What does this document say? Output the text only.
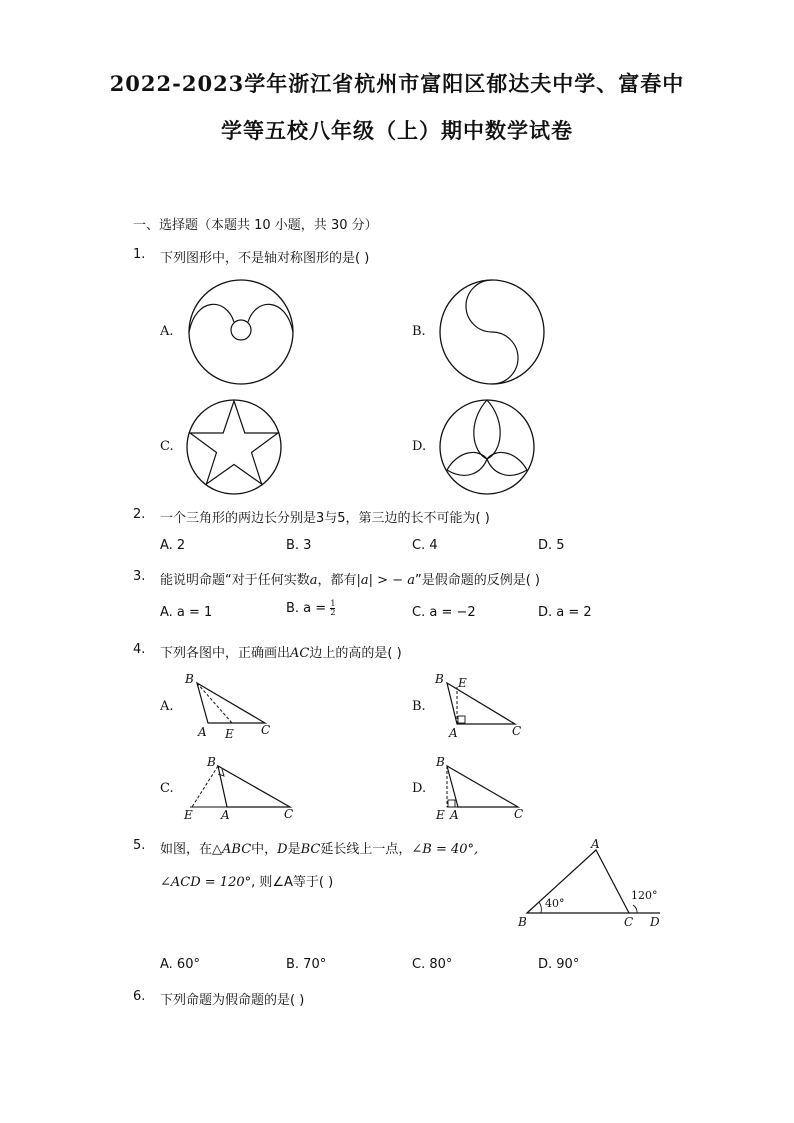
2022-2023学年浙江省杭州市富阳区郁达夫中学、富春中
学等五校八年级（上）期中数学试卷
一、选择题（本题共 10 小题，共 30 分）
1. 下列图形中，不是轴对称图形的是( )
A.	B.
C.	D.
2. 一个三角形的两边长分别是3与5，第三边的长不可能为( )
A. 2	B. 3	C. 4	D. 5
3. 能说明命题“对于任何实数a，都有|a| > − a”是假命题的反例是( )
A. a = 1	B. $a = \frac{1}{2}$	C. a = −2	D. a = 2
4. 下列各图中，正确画出AC边上的高的是( )
A.
B
A E C
B.
B E
A	C
C.
B
E A	C
D.
B
E A	C
5. 如图，在△ABC中，D是BC延长线上一点，∠B = 40°,
∠ACD = 120°, 则∠A等于( )
A
B	C D
40°
120°
A. 60°	B. 70°	C. 80°	D. 90°
6. 下列命题为假命题的是( )
